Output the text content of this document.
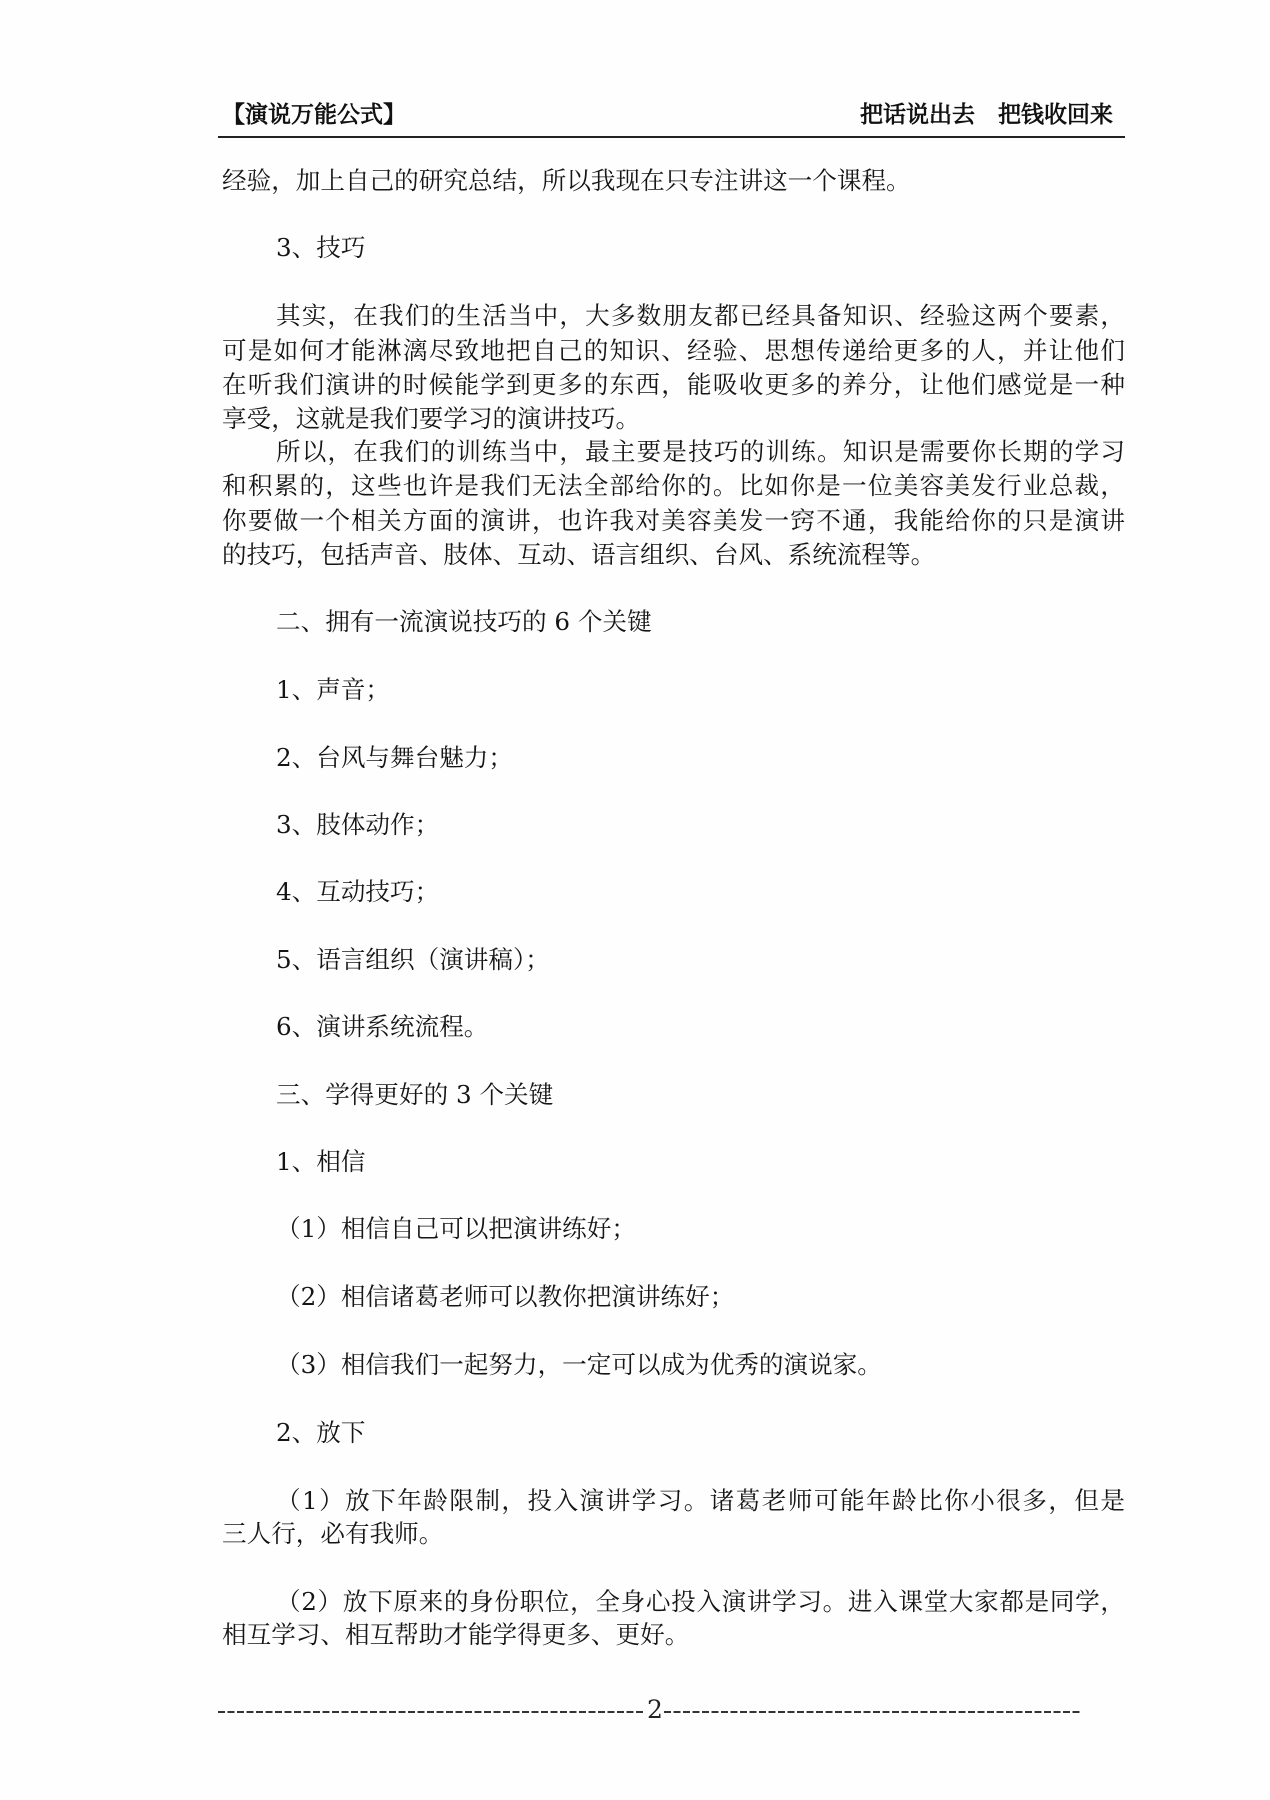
【演说万能公式】	把话说出去　把钱收回来
经验，加上自己的研究总结，所以我现在只专注讲这一个课程。
3、技巧
其实，在我们的生活当中，大多数朋友都已经具备知识、经验这两个要素，
可是如何才能淋漓尽致地把自己的知识、经验、思想传递给更多的人，并让他们
在听我们演讲的时候能学到更多的东西，能吸收更多的养分，让他们感觉是一种
享受，这就是我们要学习的演讲技巧。
所以，在我们的训练当中，最主要是技巧的训练。知识是需要你长期的学习
和积累的，这些也许是我们无法全部给你的。比如你是一位美容美发行业总裁，
你要做一个相关方面的演讲，也许我对美容美发一窍不通，我能给你的只是演讲
的技巧，包括声音、肢体、互动、语言组织、台风、系统流程等。
二、拥有一流演说技巧的 6 个关键
1、声音；
2、台风与舞台魅力；
3、肢体动作；
4、互动技巧；
5、语言组织（演讲稿）；
6、演讲系统流程。
三、学得更好的 3 个关键
1、相信
（1）相信自己可以把演讲练好；
（2）相信诸葛老师可以教你把演讲练好；
（3）相信我们一起努力，一定可以成为优秀的演说家。
2、放下
（1）放下年龄限制，投入演讲学习。诸葛老师可能年龄比你小很多，但是
三人行，必有我师。
（2）放下原来的身份职位，全身心投入演讲学习。进入课堂大家都是同学，
相互学习、相互帮助才能学得更多、更好。
2
